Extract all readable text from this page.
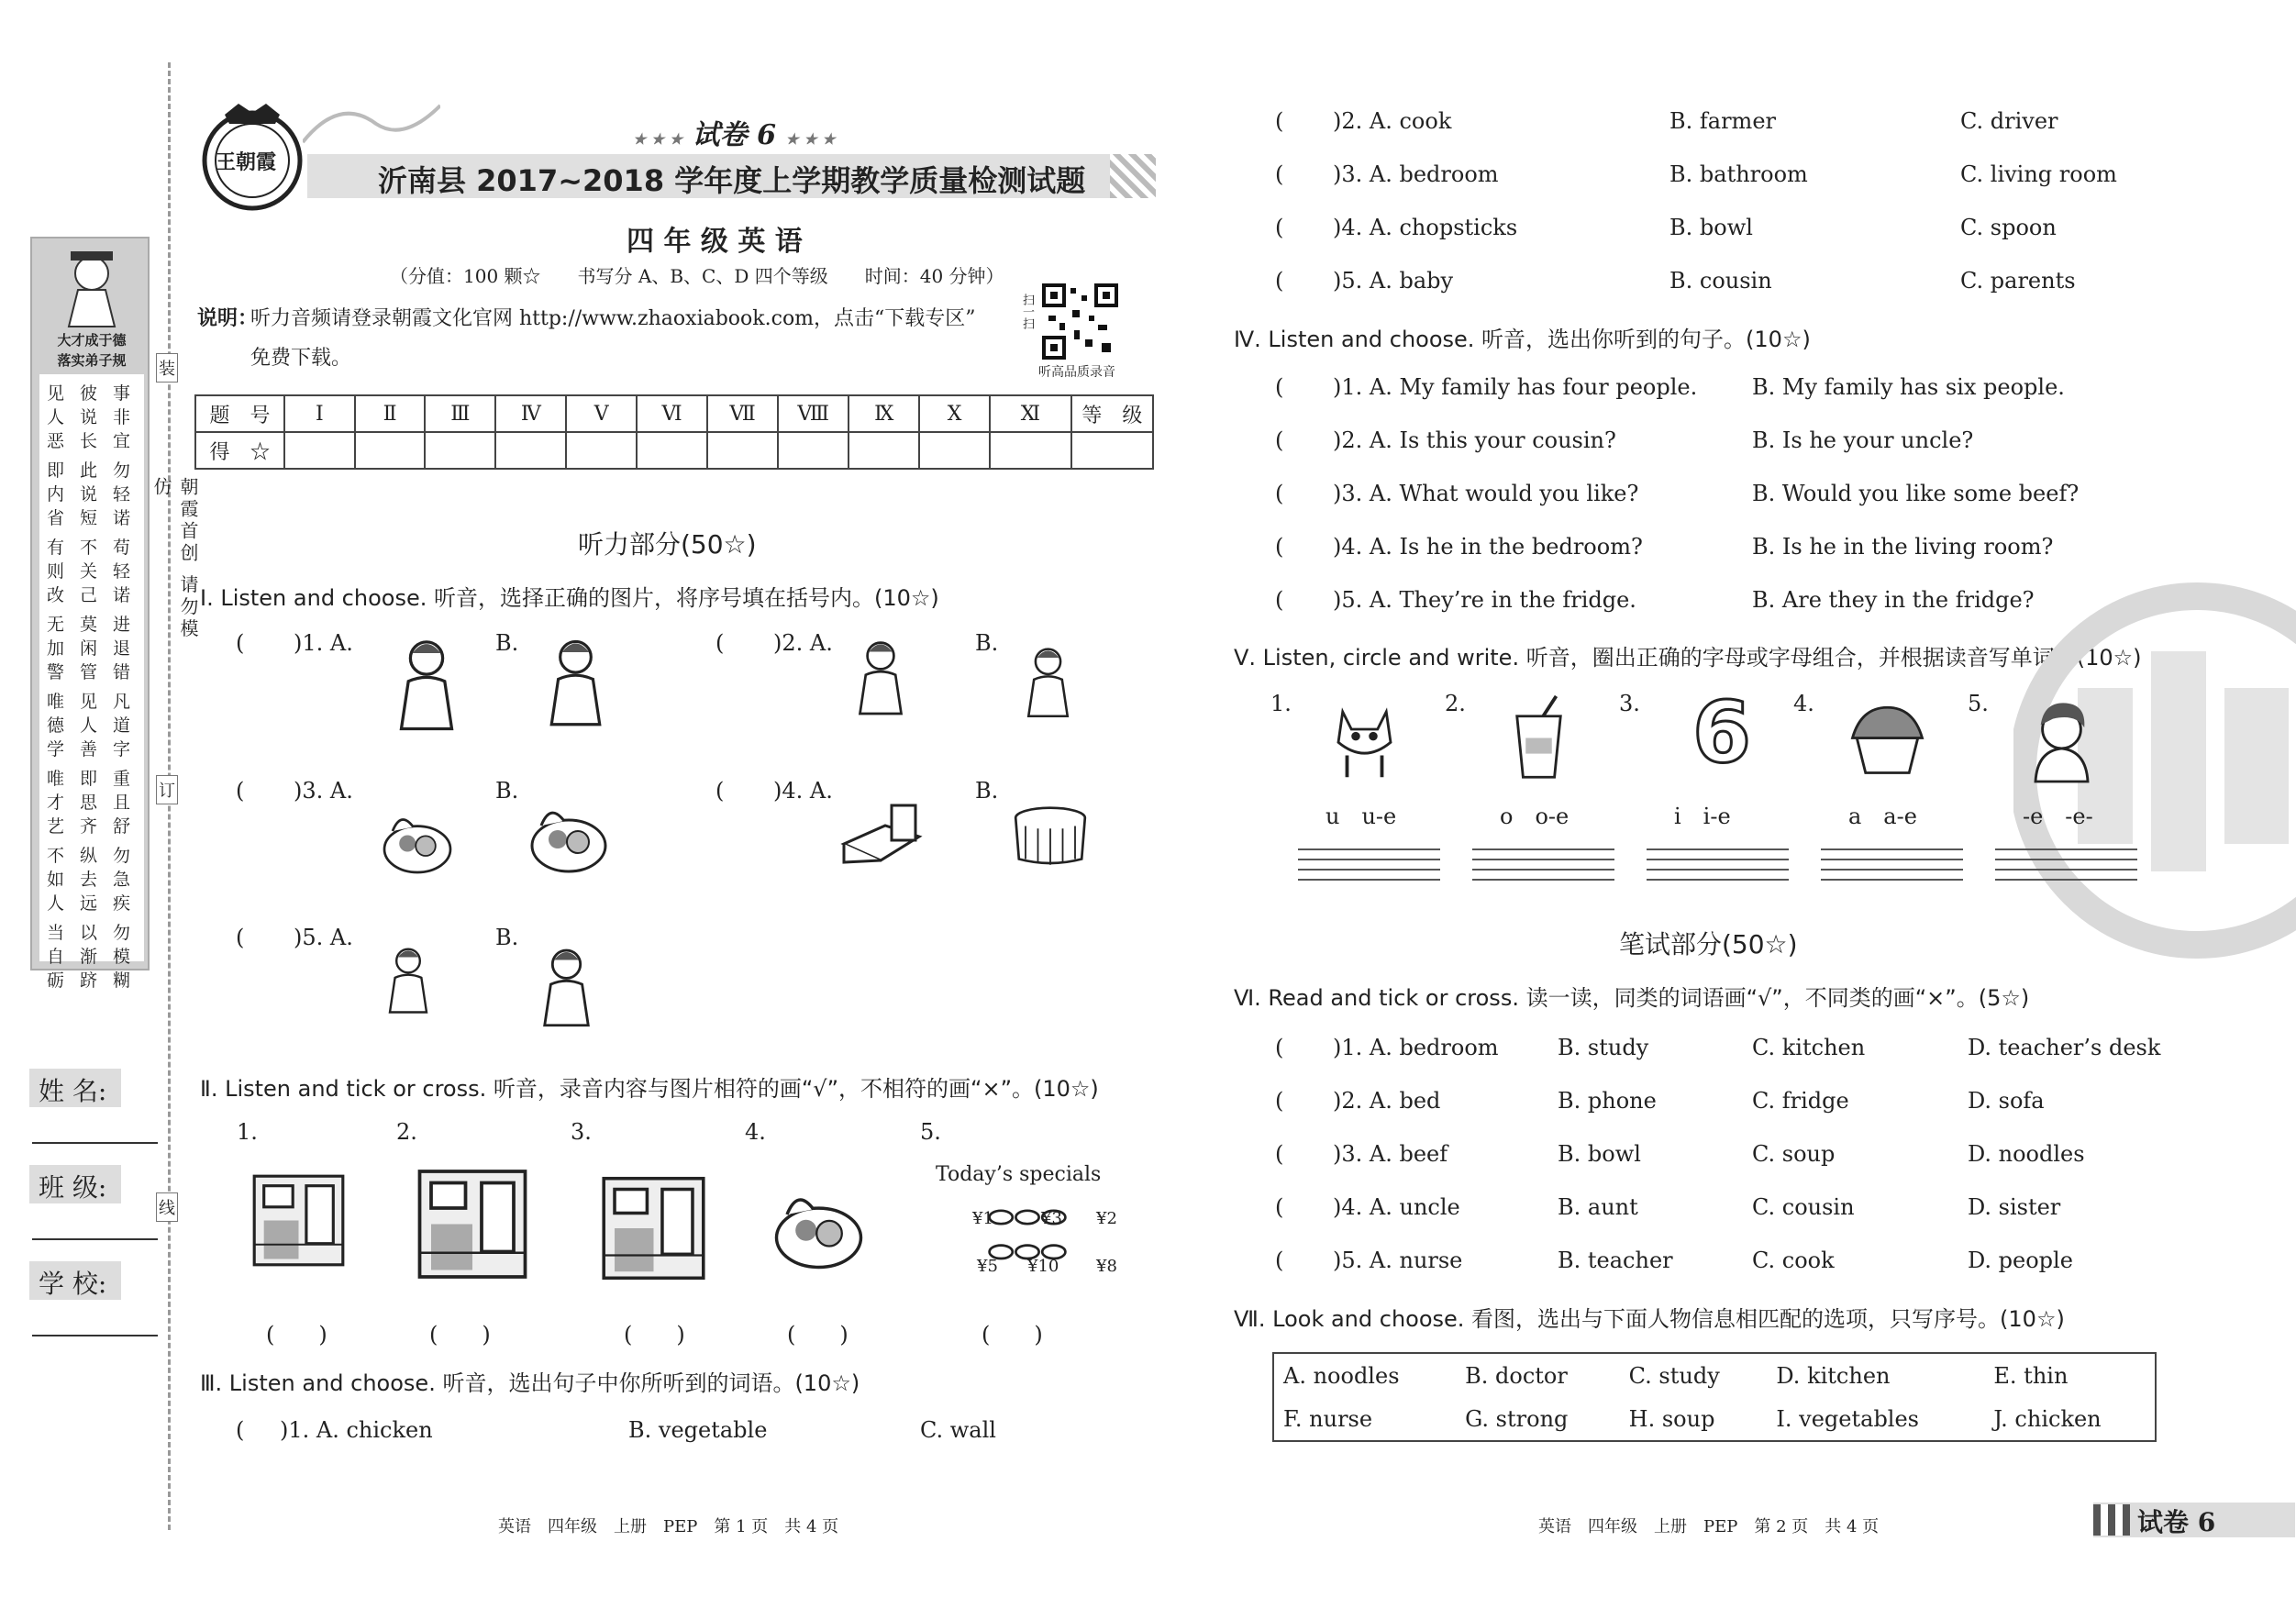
大才成于德
落实弟子规
见 彼 事
人 说 非
恶 长 宜
即 此 勿
内 说 轻
省 短 诺
有 不 苟
则 关 轻
改 己 诺
无 莫 进
加 闲 退
警 管 错
唯 见 凡
德 人 道
学 善 字
唯 即 重
才 思 且
艺 齐 舒
不 纵 勿
如 去 急
人 远 疾
当 以 勿
自 渐 模
砺 跻 糊
朝霞首创 请勿模仿
装
订
线
姓 名:
班 级:
学 校:
王朝霞
★ ★ ★ 试卷 6 ★ ★ ★
沂南县 2017~2018 学年度上学期教学质量检测试题
四 年 级 英 语
（分值：100 颗☆　　书写分 A、B、C、D 四个等级　　时间：40 分钟）
说明：
听力音频请登录朝霞文化官网 http://www.zhaoxiabook.com，点击“下载专区”
免费下载。
扫一扫
听高品质录音
题　号	Ⅰ	Ⅱ	Ⅲ	Ⅳ	Ⅴ	Ⅵ	Ⅶ	Ⅷ	Ⅸ	Ⅹ	Ⅺ	等　级
得　☆												
听力部分(50☆)
Ⅰ. Listen and choose. 听音，选择正确的图片，将序号填在括号内。(10☆)
Ⅱ. Listen and tick or cross. 听音，录音内容与图片相符的画“√”，不相符的画“×”。(10☆)
Today’s specials
Ⅲ. Listen and choose. 听音，选出句子中你所听到的词语。(10☆)
( )1. A. chicken	B. vegetable	C. wall
英语　四年级　上册　PEP　第 1 页　共 4 页
Ⅳ. Listen and choose. 听音，选出你听到的句子。(10☆)
Ⅴ. Listen, circle and write. 听音，圈出正确的字母或字母组合，并根据读音写单词。(10☆)
笔试部分(50☆)
Ⅵ. Read and tick or cross. 读一读，同类的词语画“√”，不同类的画“×”。(5☆)
Ⅶ. Look and choose. 看图，选出与下面人物信息相匹配的选项，只写序号。(10☆)
A. noodles	B. doctor	C. study	D. kitchen	E. thin
F. nurse	G. strong	H. soup	I. vegetables	J. chicken
英语　四年级　上册　PEP　第 2 页　共 4 页	试卷 6
( )1. A.	B.	( )2. A.	B.
( )3. A.	B.	( )4. A.	B.
( )5. A.	B.
1.
(　　)
2.
(　　)
3.
(　　)
4.
(　　)
5.
(　　)
¥1	¥3 ¥2
¥5 ¥10 ¥8
( )2. A. cook	B. farmer	C. driver
( )3. A. bedroom	B. bathroom	C. living room
( )4. A. chopsticks	B. bowl	C. spoon
( )5. A. baby	B. cousin	C. parents
( )1. A. My family has four people. B. My family has six people.
( )2. A. Is this your cousin?	B. Is he your uncle?
( )3. A. What would you like?	B. Would you like some beef?
( )4. A. Is he in the bedroom?	B. Is he in the living room?
( )5. A. They’re in the fridge.	B. Are they in the fridge?
1.
u　u-e
2.
o　o-e
3. 6
i　i-e
4.
a　a-e
5.
-e　-e-
( )1. A. bedroom	B. study	C. kitchen	D. teacher’s desk
( )2. A. bed	B. phone	C. fridge	D. sofa
( )3. A. beef	B. bowl	C. soup	D. noodles
( )4. A. uncle	B. aunt	C. cousin	D. sister
( )5. A. nurse	B. teacher	C. cook	D. people
